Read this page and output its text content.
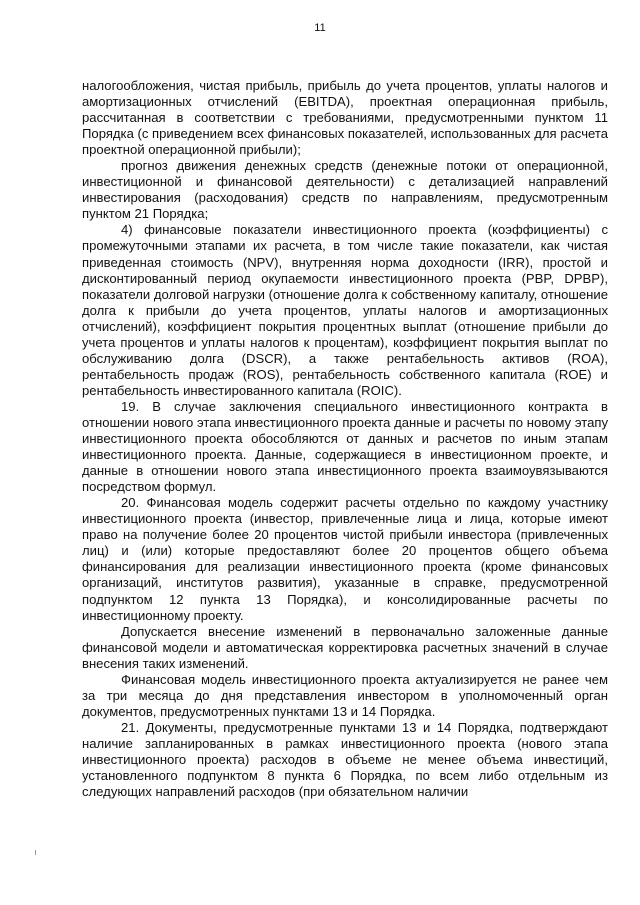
11

налогообложения, чистая прибыль, прибыль до учета процентов, уплаты налогов и амортизационных отчислений (EBITDA), проектная операционная прибыль, рассчитанная в соответствии с требованиями, предусмотренными пунктом 11 Порядка (с приведением всех финансовых показателей, использованных для расчета проектной операционной прибыли);

прогноз движения денежных средств (денежные потоки от операционной, инвестиционной и финансовой деятельности) с детализацией направлений инвестирования (расходования) средств по направлениям, предусмотренным пунктом 21 Порядка;

4) финансовые показатели инвестиционного проекта (коэффициенты) с промежуточными этапами их расчета, в том числе такие показатели, как чистая приведенная стоимость (NPV), внутренняя норма доходности (IRR), простой и дисконтированный период окупаемости инвестиционного проекта (PBP, DPBP), показатели долговой нагрузки (отношение долга к собственному капиталу, отношение долга к прибыли до учета процентов, уплаты налогов и амортизационных отчислений), коэффициент покрытия процентных выплат (отношение прибыли до учета процентов и уплаты налогов к процентам), коэффициент покрытия выплат по обслуживанию долга (DSCR), а также рентабельность активов (ROA), рентабельность продаж (ROS), рентабельность собственного капитала (ROE) и рентабельность инвестированного капитала (ROIC).

19. В случае заключения специального инвестиционного контракта в отношении нового этапа инвестиционного проекта данные и расчеты по новому этапу инвестиционного проекта обособляются от данных и расчетов по иным этапам инвестиционного проекта. Данные, содержащиеся в инвестиционном проекте, и данные в отношении нового этапа инвестиционного проекта взаимоувязываются посредством формул.

20. Финансовая модель содержит расчеты отдельно по каждому участнику инвестиционного проекта (инвестор, привлеченные лица и лица, которые имеют право на получение более 20 процентов чистой прибыли инвестора (привлеченных лиц) и (или) которые предоставляют более 20 процентов общего объема финансирования для реализации инвестиционного проекта (кроме финансовых организаций, институтов развития), указанные в справке, предусмотренной подпунктом 12 пункта 13 Порядка), и консолидированные расчеты по инвестиционному проекту.

Допускается внесение изменений в первоначально заложенные данные финансовой модели и автоматическая корректировка расчетных значений в случае внесения таких изменений.

Финансовая модель инвестиционного проекта актуализируется не ранее чем за три месяца до дня представления инвестором в уполномоченный орган документов, предусмотренных пунктами 13 и 14 Порядка.

21. Документы, предусмотренные пунктами 13 и 14 Порядка, подтверждают наличие запланированных в рамках инвестиционного проекта (нового этапа инвестиционного проекта) расходов в объеме не менее объема инвестиций, установленного подпунктом 8 пункта 6 Порядка, по всем либо отдельным из следующих направлений расходов (при обязательном наличии
